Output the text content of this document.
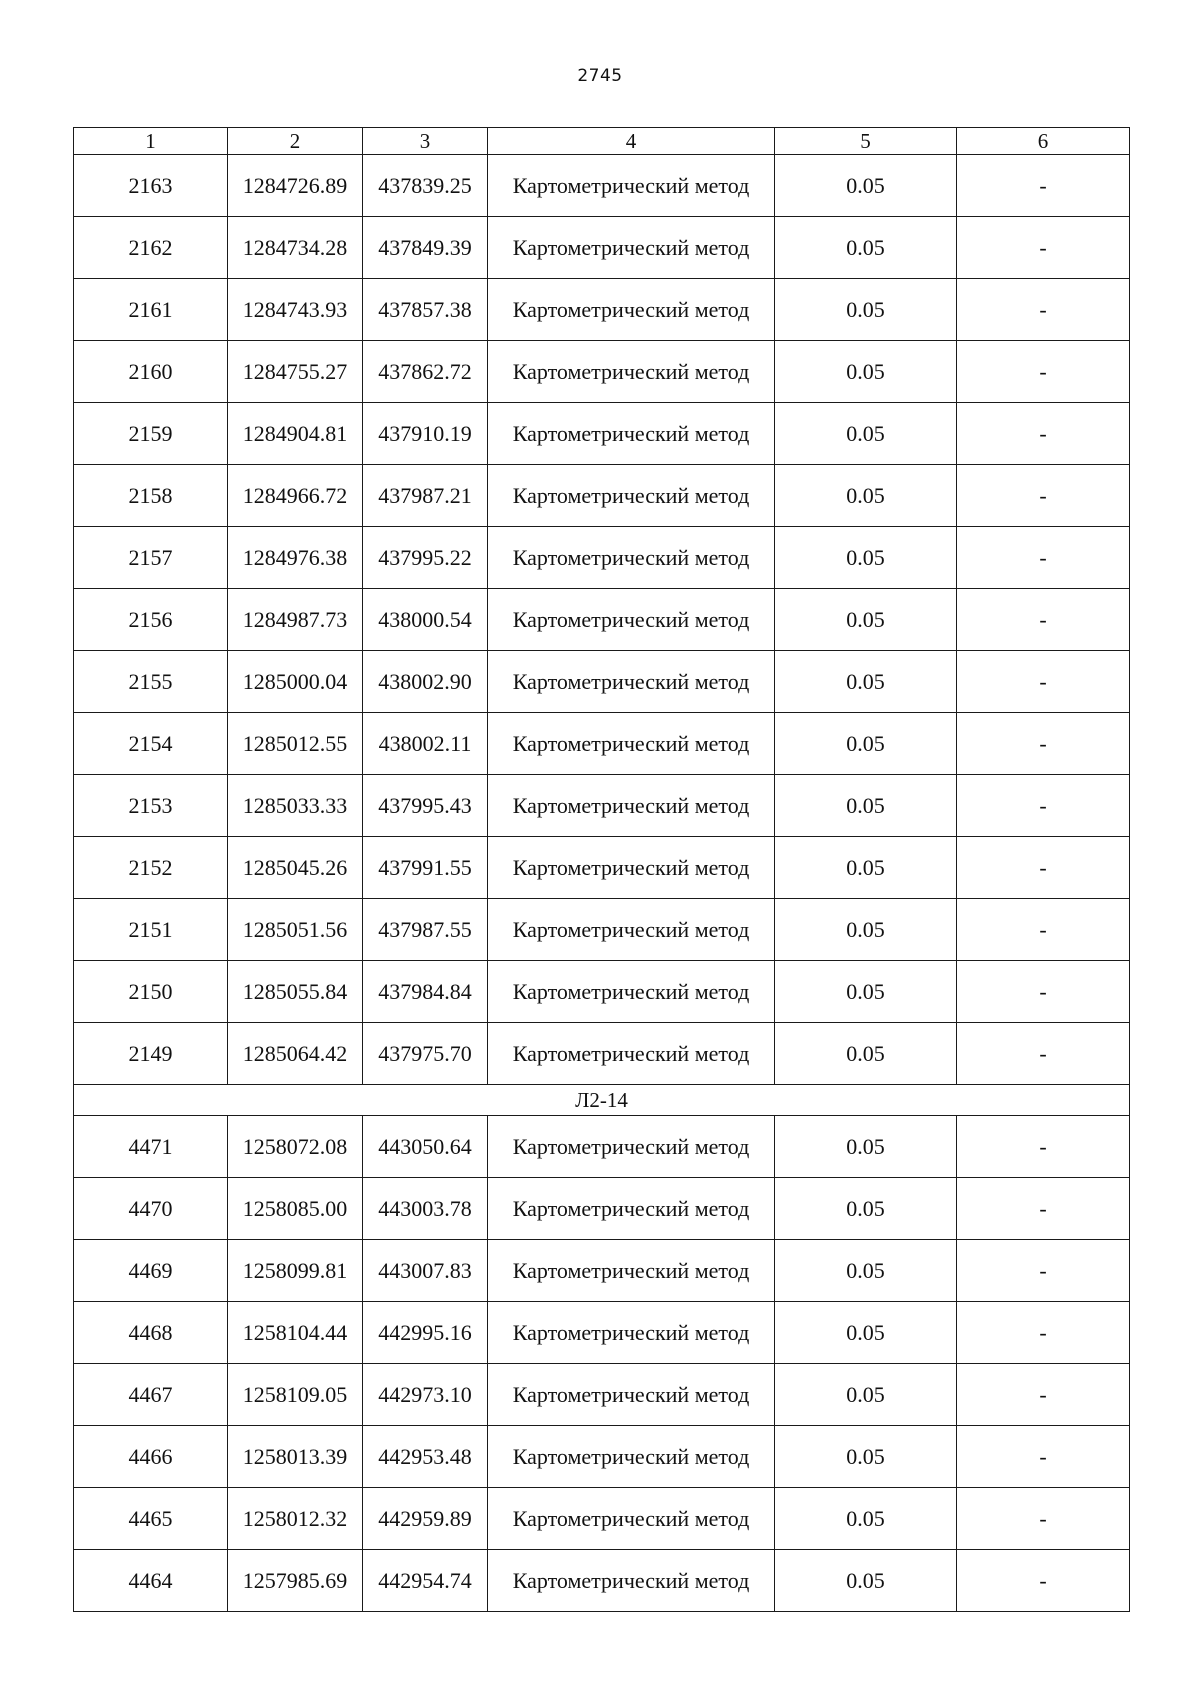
2745
1	2	3	4	5	6
2163	1284726.89	437839.25	Картометрический метод	0.05	-
2162	1284734.28	437849.39	Картометрический метод	0.05	-
2161	1284743.93	437857.38	Картометрический метод	0.05	-
2160	1284755.27	437862.72	Картометрический метод	0.05	-
2159	1284904.81	437910.19	Картометрический метод	0.05	-
2158	1284966.72	437987.21	Картометрический метод	0.05	-
2157	1284976.38	437995.22	Картометрический метод	0.05	-
2156	1284987.73	438000.54	Картометрический метод	0.05	-
2155	1285000.04	438002.90	Картометрический метод	0.05	-
2154	1285012.55	438002.11	Картометрический метод	0.05	-
2153	1285033.33	437995.43	Картометрический метод	0.05	-
2152	1285045.26	437991.55	Картометрический метод	0.05	-
2151	1285051.56	437987.55	Картометрический метод	0.05	-
2150	1285055.84	437984.84	Картометрический метод	0.05	-
2149	1285064.42	437975.70	Картометрический метод	0.05	-
Л2-14					
4471	1258072.08	443050.64	Картометрический метод	0.05	-
4470	1258085.00	443003.78	Картометрический метод	0.05	-
4469	1258099.81	443007.83	Картометрический метод	0.05	-
4468	1258104.44	442995.16	Картометрический метод	0.05	-
4467	1258109.05	442973.10	Картометрический метод	0.05	-
4466	1258013.39	442953.48	Картометрический метод	0.05	-
4465	1258012.32	442959.89	Картометрический метод	0.05	-
4464	1257985.69	442954.74	Картометрический метод	0.05	-
